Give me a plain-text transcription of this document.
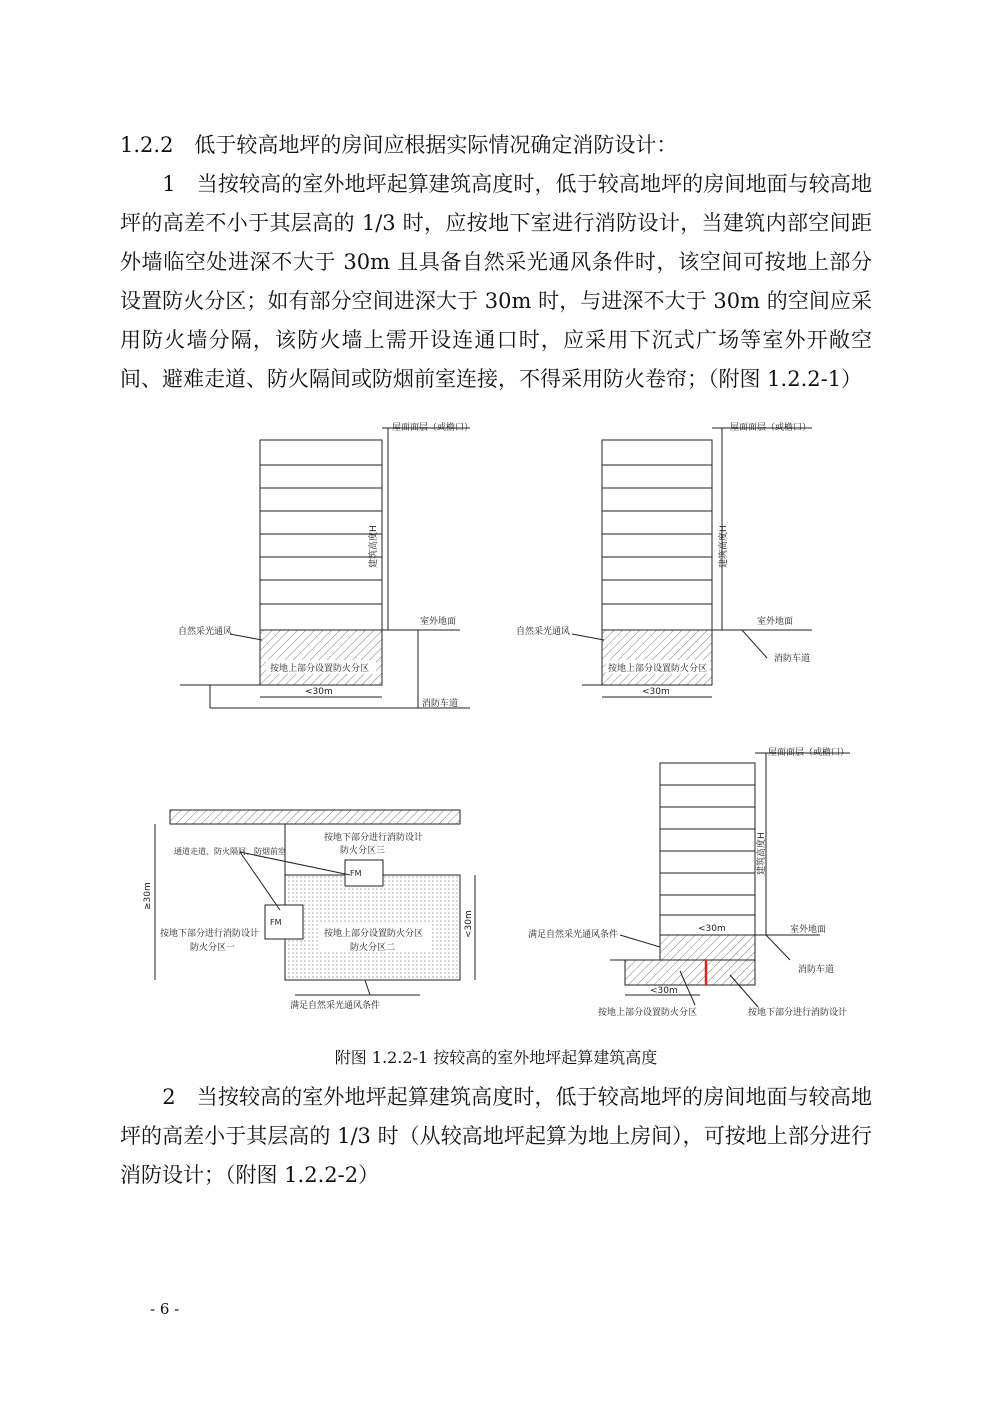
1.2.2　低于较高地坪的房间应根据实际情况确定消防设计：

　　1　当按较高的室外地坪起算建筑高度时，低于较高地坪的房间地面与较高地坪的高差不小于其层高的 1/3 时，应按地下室进行消防设计，当建筑内部空间距外墙临空处进深不大于 30m 且具备自然采光通风条件时，该空间可按地上部分设置防火分区；如有部分空间进深大于 30m 时，与进深不大于 30m 的空间应采用防火墙分隔，该防火墙上需开设连通口时，应采用下沉式广场等室外开敞空间、避难走道、防火隔间或防烟前室连接，不得采用防火卷帘；（附图 1.2.2-1）

屋面面层（或檐口）
建筑高度H
室外地面
自然采光通风
按地上部分设置防火分区
<30m
消防车道
屋面面层（或檐口）
建筑高度H
室外地面
自然采光通风
按地上部分设置防火分区
<30m
消防车道
按地下部分进行消防设计
防火分区三
通道走道、防火隔间、防烟前室
FM
FM
按地下部分进行消防设计
防火分区一
按地上部分设置防火分区
防火分区二
≥30m
<30m
满足自然采光通风条件
屋面面层（或檐口）
建筑高度H
室外地面
消防车道
<30m
<30m
满足自然采光通风条件
按地上部分设置防火分区	按地下部分进行消防设计
附图 1.2.2-1 按较高的室外地坪起算建筑高度

　　2　当按较高的室外地坪起算建筑高度时，低于较高地坪的房间地面与较高地坪的高差小于其层高的 1/3 时（从较高地坪起算为地上房间），可按地上部分进行消防设计；（附图 1.2.2-2）

- 6 -
